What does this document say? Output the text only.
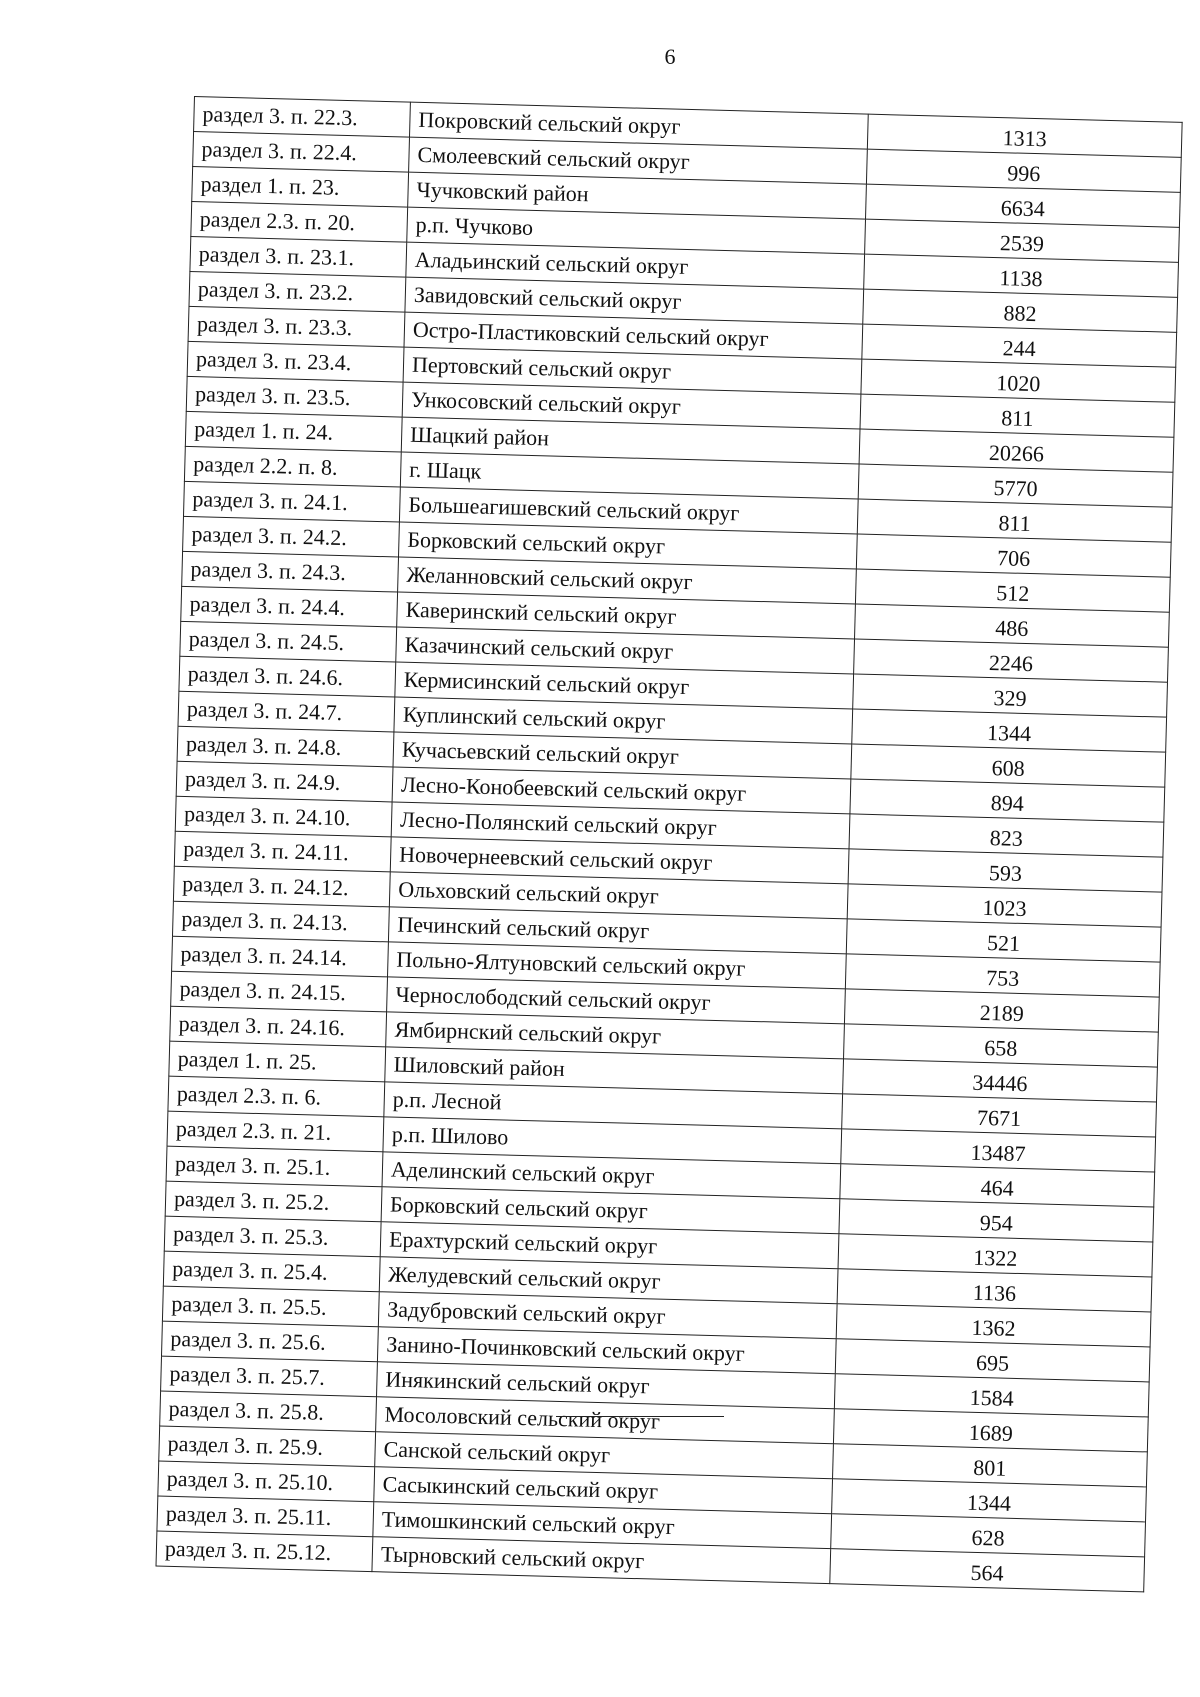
6
раздел 3. п. 22.3.	Покровский сельский округ	1313
раздел 3. п. 22.4.	Смолеевский сельский округ	996
раздел 1. п. 23.	Чучковский район	6634
раздел 2.3. п. 20.	р.п. Чучково	2539
раздел 3. п. 23.1.	Аладьинский сельский округ	1138
раздел 3. п. 23.2.	Завидовский сельский округ	882
раздел 3. п. 23.3.	Остро-Пластиковский сельский округ	244
раздел 3. п. 23.4.	Пертовский сельский округ	1020
раздел 3. п. 23.5.	Ункосовский сельский округ	811
раздел 1. п. 24.	Шацкий район	20266
раздел 2.2. п. 8.	г. Шацк	5770
раздел 3. п. 24.1.	Большеагишевский сельский округ	811
раздел 3. п. 24.2.	Борковский сельский округ	706
раздел 3. п. 24.3.	Желанновский сельский округ	512
раздел 3. п. 24.4.	Каверинский сельский округ	486
раздел 3. п. 24.5.	Казачинский сельский округ	2246
раздел 3. п. 24.6.	Кермисинский сельский округ	329
раздел 3. п. 24.7.	Куплинский сельский округ	1344
раздел 3. п. 24.8.	Кучасьевский сельский округ	608
раздел 3. п. 24.9.	Лесно-Конобеевский сельский округ	894
раздел 3. п. 24.10.	Лесно-Полянский сельский округ	823
раздел 3. п. 24.11.	Новочернеевский сельский округ	593
раздел 3. п. 24.12.	Ольховский сельский округ	1023
раздел 3. п. 24.13.	Печинский сельский округ	521
раздел 3. п. 24.14.	Польно-Ялтуновский сельский округ	753
раздел 3. п. 24.15.	Чернослободский сельский округ	2189
раздел 3. п. 24.16.	Ямбирнский сельский округ	658
раздел 1. п. 25.	Шиловский район	34446
раздел 2.3. п. 6.	р.п. Лесной	7671
раздел 2.3. п. 21.	р.п. Шилово	13487
раздел 3. п. 25.1.	Аделинский сельский округ	464
раздел 3. п. 25.2.	Борковский сельский округ	954
раздел 3. п. 25.3.	Ерахтурский сельский округ	1322
раздел 3. п. 25.4.	Желудевский сельский округ	1136
раздел 3. п. 25.5.	Задубровский сельский округ	1362
раздел 3. п. 25.6.	Занино-Починковский сельский округ	695
раздел 3. п. 25.7.	Инякинский сельский округ	1584
раздел 3. п. 25.8.	Мосоловский сельский округ	1689
раздел 3. п. 25.9.	Санской сельский округ	801
раздел 3. п. 25.10.	Сасыкинский сельский округ	1344
раздел 3. п. 25.11.	Тимошкинский сельский округ	628
раздел 3. п. 25.12.	Тырновский сельский округ	564
